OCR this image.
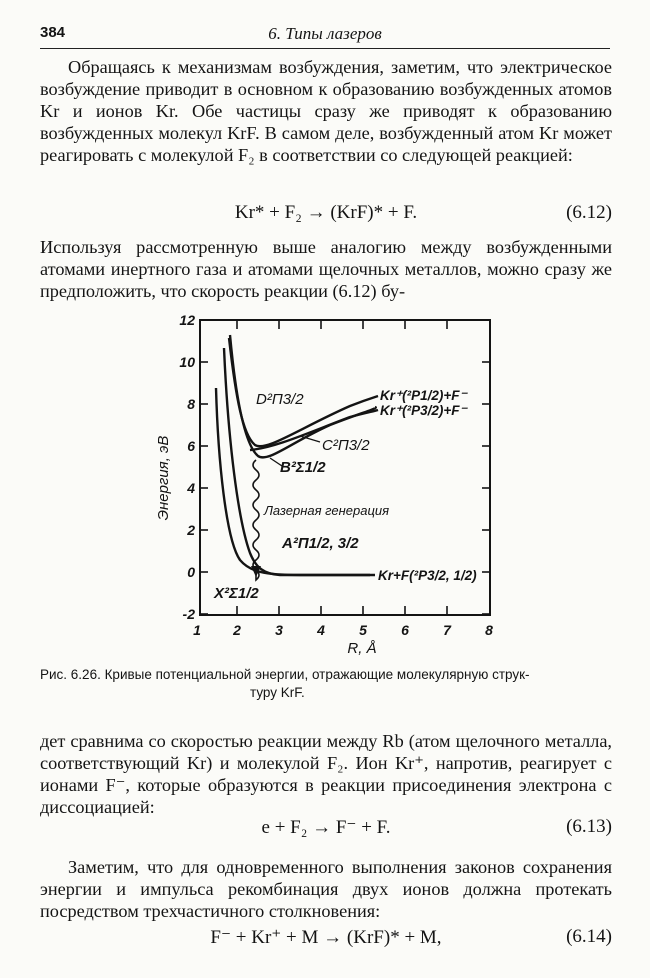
384	6. Типы лазеров

Обращаясь к механизмам возбуждения, заметим, что электрическое возбуждение приводит в основном к образованию возбужденных атомов Kr и ионов Kr. Обе частицы сразу же приводят к образованию возбужденных молекул KrF. В самом деле, возбужденный атом Kr может реагировать с молекулой F₂ в соответствии со следующей реакцией:

Kr* + F₂ → (KrF)* + F.	(6.12)

Используя рассмотренную выше аналогию между возбужденными атомами инертного газа и атомами щелочных металлов, можно сразу же предположить, что скорость реакции (6.12) бу-

12
10
8
6
4
2
0
-2
1 2 3 4 5 6 7 8
Энергия, эВ
R, Å
D²Π3/2
C²Π3/2
B²Σ1/2
Лазерная генерация
A²Π1/2, 3/2
X²Σ1/2
Kr⁺(²P1/2)+F⁻
Kr⁺(²P3/2)+F⁻
Kr+F(²P3/2, 1/2)
Рис. 6.26. Кривые потенциальной энергии, отражающие молекулярную струк-
туру KrF.

дет сравнима со скоростью реакции между Rb (атом щелочного металла, соответствующий Kr) и молекулой F₂. Ион Kr⁺, напротив, реагирует с ионами F⁻, которые образуются в реакции присоединения электрона с диссоциацией:

e + F₂ → F⁻ + F.	(6.13)

Заметим, что для одновременного выполнения законов сохранения энергии и импульса рекомбинация двух ионов должна протекать посредством трехчастичного столкновения:

F⁻ + Kr⁺ + M → (KrF)* + M,	(6.14)
